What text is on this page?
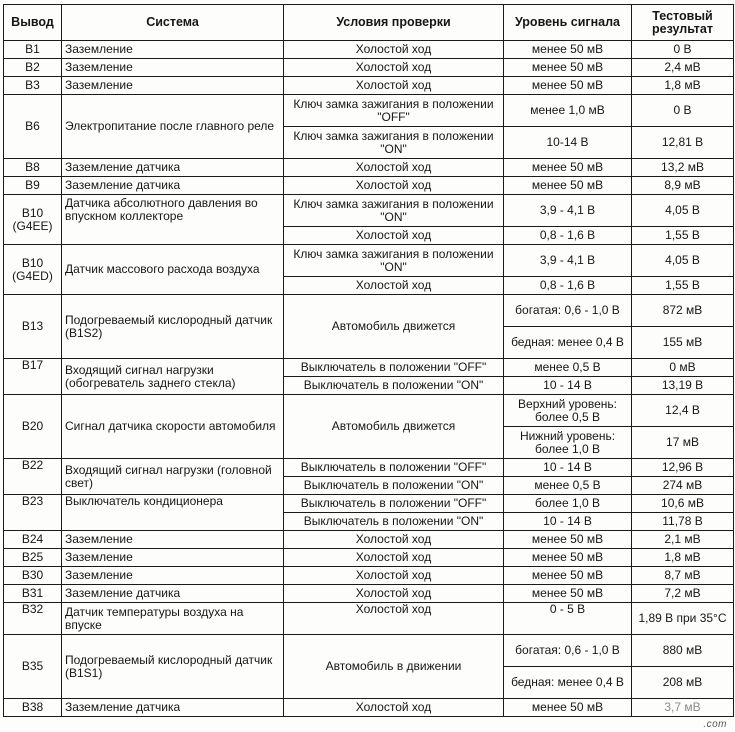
Вывод	Система	Условия проверки	Уровень сигнала	Тестовый результат
B1	Заземление	Холостой ход	менее 50 мВ	0 В
B2	Заземление	Холостой ход	менее 50 мВ	2,4 мВ
B3	Заземление	Холостой ход	менее 50 мВ	1,8 мВ
B6	Электропитание после главного реле	Ключ замка зажигания в положении "OFF"	менее 1,0 мВ	0 В
		Ключ замка зажигания в положении "ON"	10-14 В	12,81 В
B8	Заземление датчика	Холостой ход	менее 50 мВ	13,2 мВ
B9	Заземление датчика	Холостой ход	менее 50 мВ	8,9 мВ
B10 (G4EE)	Датчика абсолютного давления во впускном коллекторе	Ключ замка зажигания в положении "ON"	3,9 - 4,1 В	4,05 В
		Холостой ход	0,8 - 1,6 В	1,55 В
B10 (G4ED)	Датчик массового расхода воздуха	Ключ замка зажигания в положении "ON"	3,9 - 4,1 В	4,05 В
		Холостой ход	0,8 - 1,6 В	1,55 В
B13	Подогреваемый кислородный датчик (B1S2)	Автомобиль движется	богатая: 0,6 - 1,0 В	872 мВ
			бедная: менее 0,4 В	155 мВ
B17	Входящий сигнал нагрузки (обогреватель заднего стекла)	Выключатель в положении "OFF"	менее 0,5 В	0 мВ
		Выключатель в положении "ON"	10 - 14 В	13,19 В
B20	Сигнал датчика скорости автомобиля	Автомобиль движется	Верхний уровень: более 0,5 В	12,4 В
			Нижний уровень: более 1,0 В	17 мВ
B22	Входящий сигнал нагрузки (головной свет)	Выключатель в положении "OFF"	10 - 14 В	12,96 В
		Выключатель в положении "ON"	менее 0,5 В	274 мВ
B23	Выключатель кондиционера	Выключатель в положении "OFF"	более 1,0 В	10,6 мВ
		Выключатель в положении "ON"	10 - 14 В	11,78 В
B24	Заземление	Холостой ход	менее 50 мВ	2,1 мВ
B25	Заземление	Холостой ход	менее 50 мВ	1,8 мВ
B30	Заземление	Холостой ход	менее 50 мВ	8,7 мВ
B31	Заземление датчика	Холостой ход	менее 50 мВ	7,2 мВ
B32	Датчик температуры воздуха на впуске	Холостой ход	0 - 5 В	1,89 В при 35°C
B35	Подогреваемый кислородный датчик (B1S1)	Автомобиль в движении	богатая: 0,6 - 1,0 В	880 мВ
			бедная: менее 0,4 В	208 мВ
B38	Заземление датчика	Холостой ход	менее 50 мВ	3,7 мВ
.com
